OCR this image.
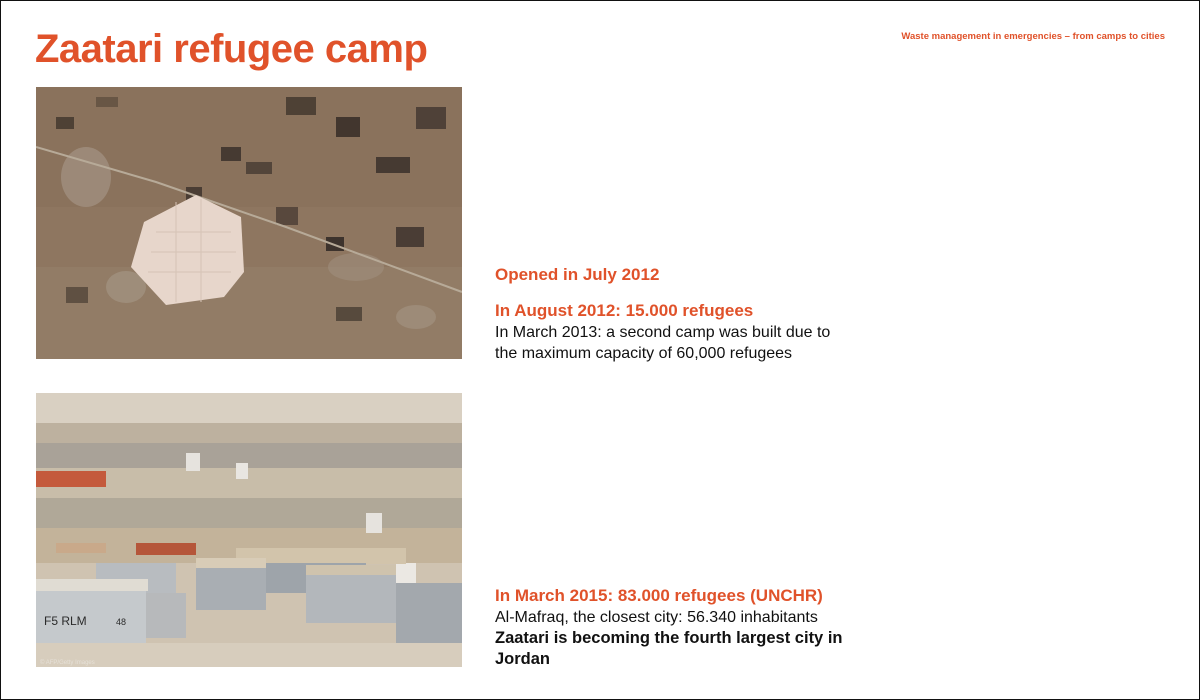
Zaatari refugee camp	Waste management in emergencies – from camps to cities
F5 RLM	48
© AFP/Getty Images
Opened in July 2012
In August 2012: 15.000 refugees
In March 2013: a second camp was built due to the maximum capacity of 60,000 refugees
In March 2015: 83.000 refugees (UNCHR)
Al-Mafraq, the closest city: 56.340 inhabitants
Zaatari is becoming the fourth largest city in Jordan
